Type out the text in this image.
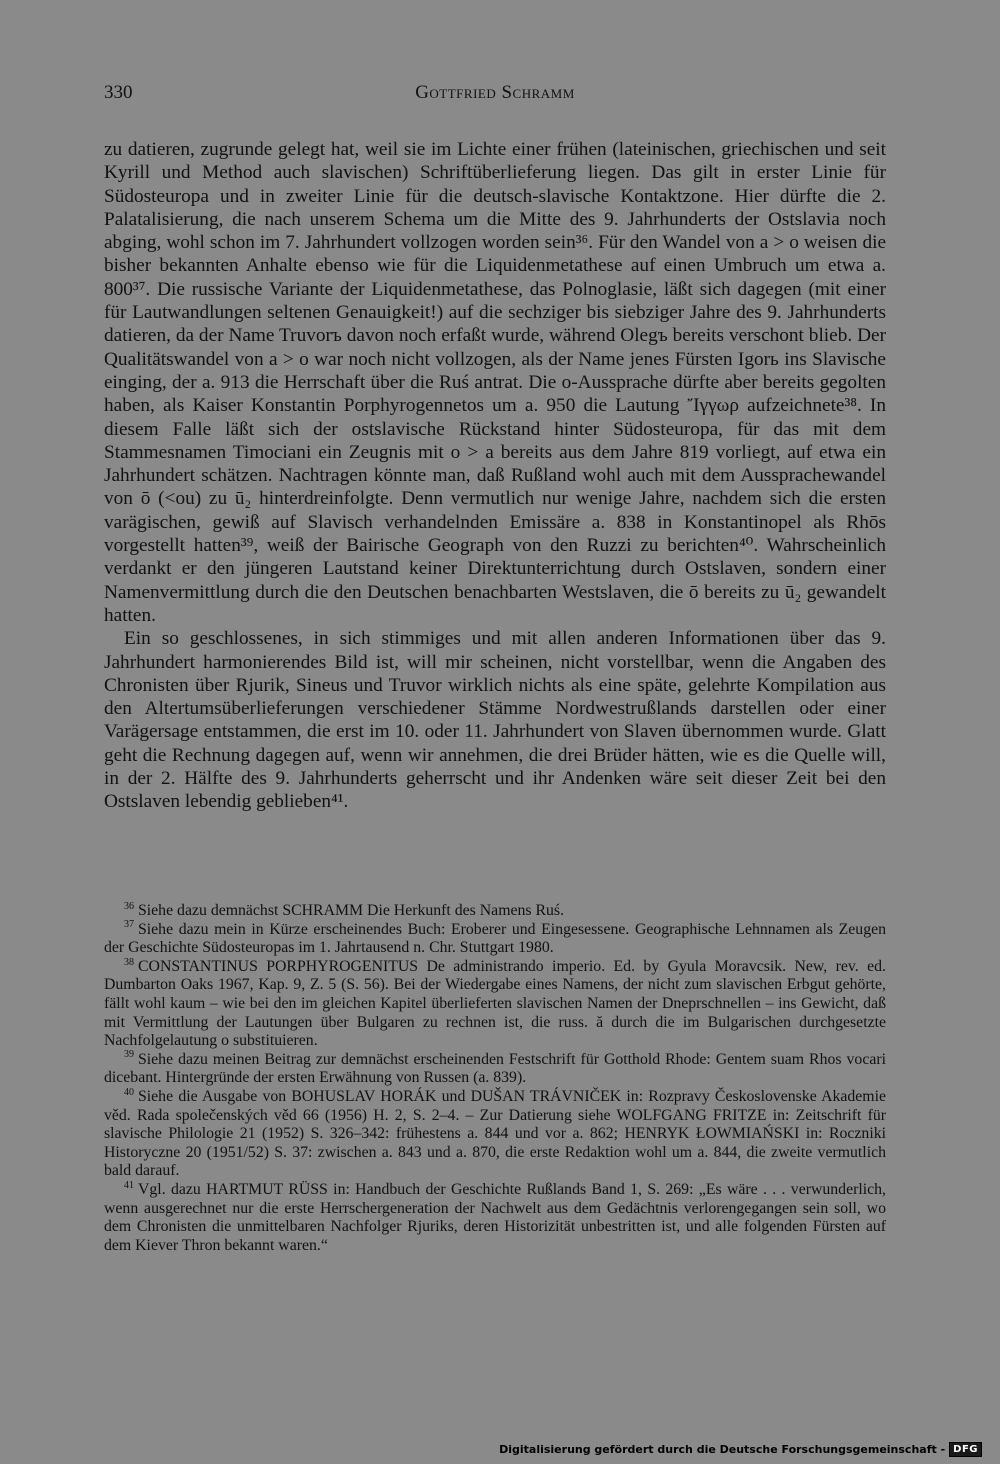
330	Gottfried Schramm

zu datieren, zugrunde gelegt hat, weil sie im Lichte einer frühen (lateinischen, griechischen und seit Kyrill und Method auch slavischen) Schriftüberlieferung liegen. Das gilt in erster Linie für Südosteuropa und in zweiter Linie für die deutsch-slavische Kontaktzone. Hier dürfte die 2. Palatalisierung, die nach unserem Schema um die Mitte des 9. Jahrhunderts der Ostslavia noch abging, wohl schon im 7. Jahrhundert vollzogen worden sein³⁶. Für den Wandel von a > o weisen die bisher bekannten Anhalte ebenso wie für die Liquidenmetathese auf einen Umbruch um etwa a. 800³⁷. Die russische Variante der Liquidenmetathese, das Polnoglasie, läßt sich dagegen (mit einer für Lautwandlungen seltenen Genauigkeit!) auf die sechziger bis siebziger Jahre des 9. Jahrhunderts datieren, da der Name Truvorъ davon noch erfaßt wurde, während Olegъ bereits verschont blieb. Der Qualitätswandel von a > o war noch nicht vollzogen, als der Name jenes Fürsten Igorь ins Slavische einging, der a. 913 die Herrschaft über die Ruś antrat. Die o-Aussprache dürfte aber bereits gegolten haben, als Kaiser Konstantin Porphyrogennetos um a. 950 die Lautung Ἴγγωρ aufzeichnete³⁸. In diesem Falle läßt sich der ostslavische Rückstand hinter Südosteuropa, für das mit dem Stammesnamen Timociani ein Zeugnis mit o > a bereits aus dem Jahre 819 vorliegt, auf etwa ein Jahrhundert schätzen. Nachtragen könnte man, daß Rußland wohl auch mit dem Aussprachewandel von ō (<ou) zu ū₂ hinterdreinfolgte. Denn vermutlich nur wenige Jahre, nachdem sich die ersten varägischen, gewiß auf Slavisch verhandelnden Emissäre a. 838 in Konstantinopel als Rhōs vorgestellt hatten³⁹, weiß der Bairische Geograph von den Ruzzi zu berichten⁴⁰. Wahrscheinlich verdankt er den jüngeren Lautstand keiner Direktunterrichtung durch Ostslaven, sondern einer Namenvermittlung durch die den Deutschen benachbarten Westslaven, die ō bereits zu ū₂ gewandelt hatten.

Ein so geschlossenes, in sich stimmiges und mit allen anderen Informationen über das 9. Jahrhundert harmonierendes Bild ist, will mir scheinen, nicht vorstellbar, wenn die Angaben des Chronisten über Rjurik, Sineus und Truvor wirklich nichts als eine späte, gelehrte Kompilation aus den Altertumsüberlieferungen verschiedener Stämme Nordwestrußlands darstellen oder einer Varägersage entstammen, die erst im 10. oder 11. Jahrhundert von Slaven übernommen wurde. Glatt geht die Rechnung dagegen auf, wenn wir annehmen, die drei Brüder hätten, wie es die Quelle will, in der 2. Hälfte des 9. Jahrhunderts geherrscht und ihr Andenken wäre seit dieser Zeit bei den Ostslaven lebendig geblieben⁴¹.

$^{36}$ Siehe dazu demnächst SCHRAMM Die Herkunft des Namens Ruś.

$^{37}$ Siehe dazu mein in Kürze erscheinendes Buch: Eroberer und Eingesessene. Geographische Lehnnamen als Zeugen der Geschichte Südosteuropas im 1. Jahrtausend n. Chr. Stuttgart 1980.

$^{38}$ CONSTANTINUS PORPHYROGENITUS De administrando imperio. Ed. by Gyula Moravcsik. New, rev. ed. Dumbarton Oaks 1967, Kap. 9, Z. 5 (S. 56). Bei der Wiedergabe eines Namens, der nicht zum slavischen Erbgut gehörte, fällt wohl kaum – wie bei den im gleichen Kapitel überlieferten slavischen Namen der Dneprschnellen – ins Gewicht, daß mit Vermittlung der Lautungen über Bulgaren zu rechnen ist, die russ. ă durch die im Bulgarischen durchgesetzte Nachfolgelautung o substituieren.

$^{39}$ Siehe dazu meinen Beitrag zur demnächst erscheinenden Festschrift für Gotthold Rhode: Gentem suam Rhos vocari dicebant. Hintergründe der ersten Erwähnung von Russen (a. 839).

$^{40}$ Siehe die Ausgabe von BOHUSLAV HORÁK und DUŠAN TRÁVNIČEK in: Rozpravy Československe Akademie věd. Rada společenských věd 66 (1956) H. 2, S. 2–4. – Zur Datierung siehe WOLFGANG FRITZE in: Zeitschrift für slavische Philologie 21 (1952) S. 326–342: frühestens a. 844 und vor a. 862; HENRYK ŁOWMIAŃSKI in: Roczniki Historyczne 20 (1951/52) S. 37: zwischen a. 843 und a. 870, die erste Redaktion wohl um a. 844, die zweite vermutlich bald darauf.

$^{41}$ Vgl. dazu HARTMUT RÜSS in: Handbuch der Geschichte Rußlands Band 1, S. 269: „Es wäre . . . verwunderlich, wenn ausgerechnet nur die erste Herrschergeneration der Nachwelt aus dem Gedächtnis verlorengegangen sein soll, wo dem Chronisten die unmittelbaren Nachfolger Rjuriks, deren Historizität unbestritten ist, und alle folgenden Fürsten auf dem Kiever Thron bekannt waren.“

Digitalisierung gefördert durch die Deutsche Forschungsgemeinschaft - DFG
